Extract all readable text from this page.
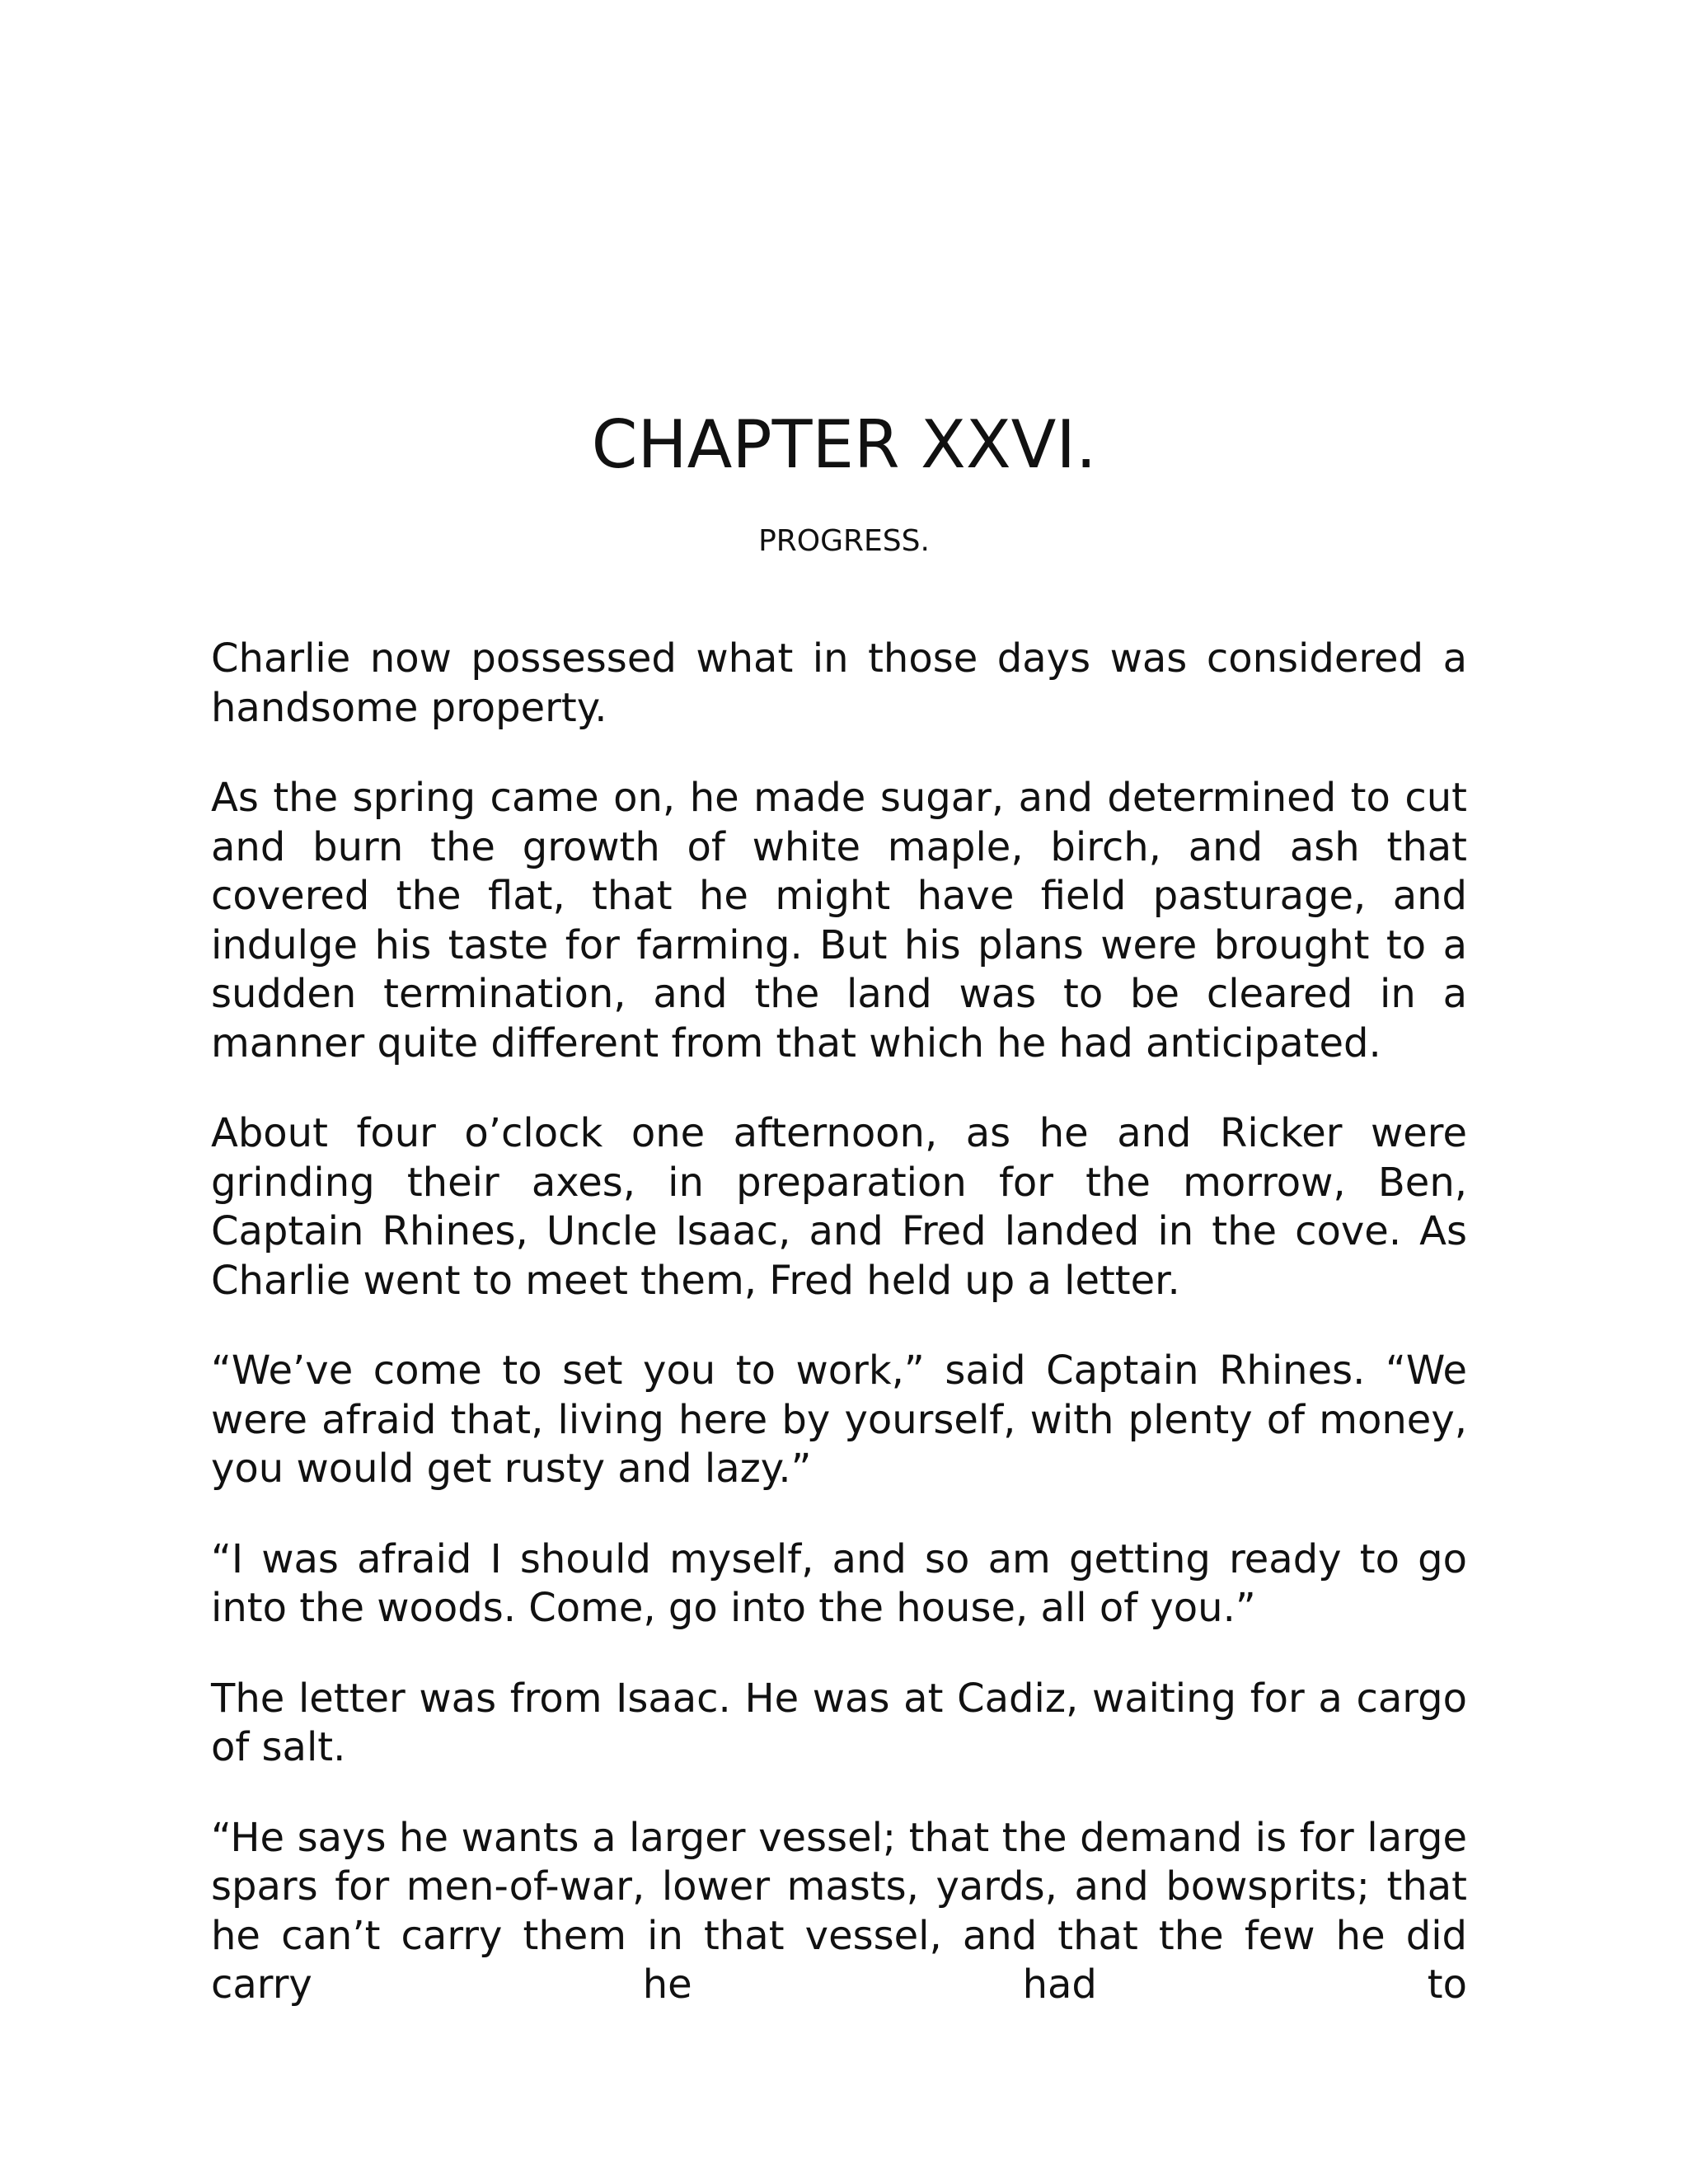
CHAPTER XXVI.
PROGRESS.

Charlie now possessed what in those days was considered a handsome property.

As the spring came on, he made sugar, and determined to cut and burn the growth of white maple, birch, and ash that covered the flat, that he might have field pasturage, and indulge his taste for farming. But his plans were brought to a sudden termination, and the land was to be cleared in a manner quite different from that which he had anticipated.

About four o’clock one afternoon, as he and Ricker were grinding their axes, in preparation for the morrow, Ben, Captain Rhines, Uncle Isaac, and Fred landed in the cove. As Charlie went to meet them, Fred held up a letter.

“We’ve come to set you to work,” said Captain Rhines. “We were afraid that, living here by yourself, with plenty of money, you would get rusty and lazy.”

“I was afraid I should myself, and so am getting ready to go into the woods. Come, go into the house, all of you.”

The letter was from Isaac. He was at Cadiz, waiting for a cargo of salt.

“He says he wants a larger vessel; that the demand is for large spars for men-of-war, lower masts, yards, and bowsprits; that he can’t carry them in that vessel, and that the few he did carry he had to
